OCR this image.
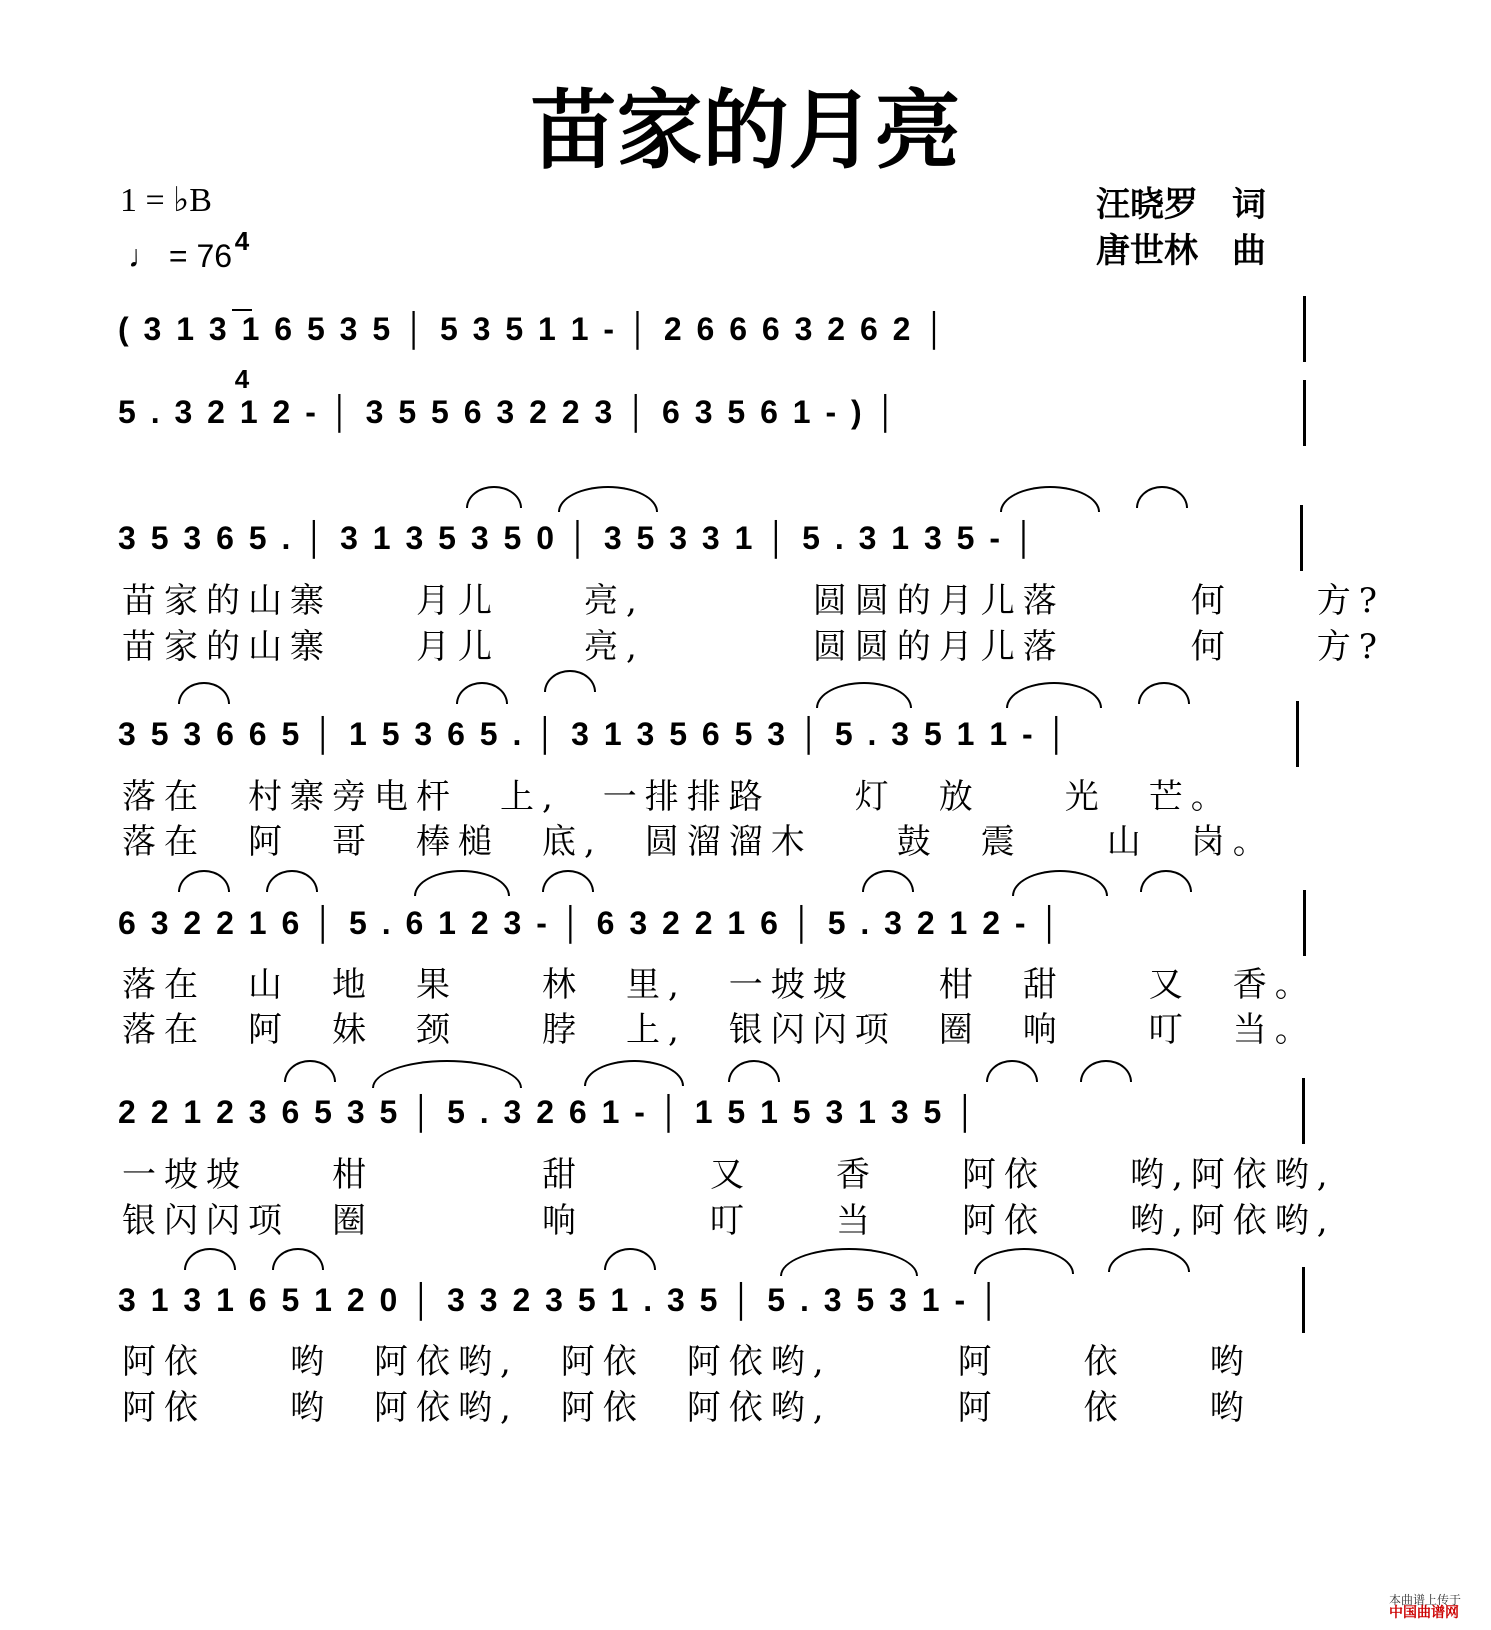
苗家的月亮
1 = ♭B

4

4

♩ = 76
汪晓罗　词
唐世林　曲
( 3 1 3 1 6 5 3 5 │ 5 3 5 1 1 - │ 2 6 6 6 3 2 6 2 │
5 . 3 2 1 2 - │ 3 5 5 6 3 2 2 3 │ 6 3 5 6 1 - ) │
3 5 3 6 5 . │ 3 1 3 5 3 5 0 │ 3 5 3 3 1 │ 5 . 3 1 3 5 - │
苗家的山寨　　月儿　　亮,　　　　圆圆的月儿落　　　何　　方?
苗家的山寨　　月儿　　亮,　　　　圆圆的月儿落　　　何　　方?
3 5 3 6 6 5 │ 1 5 3 6 5 . │ 3 1 3 5 6 5 3 │ 5 . 3 5 1 1 - │
落在　村寨旁电杆　上,　一排排路　　灯　放　　光　芒。
落在　阿　哥　棒槌　底,　圆溜溜木　　鼓　震　　山　岗。
6 3 2 2 1 6 │ 5 . 6 1 2 3 - │ 6 3 2 2 1 6 │ 5 . 3 2 1 2 - │
落在　山　地　果　　林　里,　一坡坡　　柑　甜　　又　香。
落在　阿　妹　颈　　脖　上,　银闪闪项　圈　响　　叮　当。
2 2 1 2 3 6 5 3 5 │ 5 . 3 2 6 1 - │ 1 5 1 5 3 1 3 5 │
一坡坡　　柑　　　　甜　　　又　　香　　阿依　　哟,阿依哟,
银闪闪项　圈　　　　响　　　叮　　当　　阿依　　哟,阿依哟,
3 1 3 1 6 5 1 2 0 │ 3 3 2 3 5 1 . 3 5 │ 5 . 3 5 3 1 - │
阿依　　哟　阿依哟,　阿依　阿依哟,　　　阿　　依　　哟
阿依　　哟　阿依哟,　阿依　阿依哟,　　　阿　　依　　哟

本曲谱上传于
中国曲谱网
